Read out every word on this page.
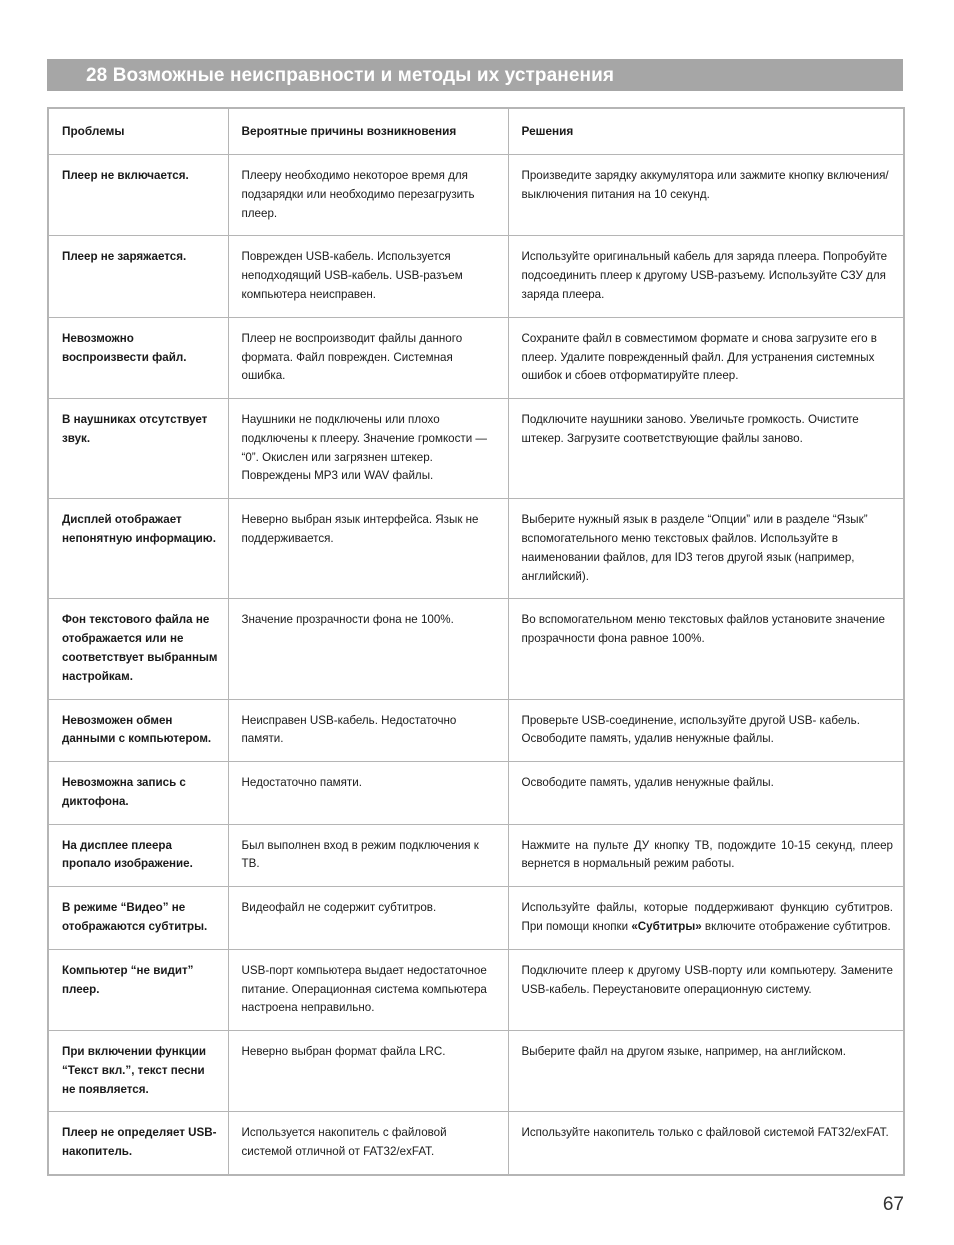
28 Возможные неисправности и методы их устранения
Проблемы	Вероятные причины возникновения	Решения
Плеер не включается.	Плееру необходимо некоторое время для подзарядки или необходимо перезагрузить плеер.	Произведите зарядку аккумулятора или зажмите кнопку включения/выключения питания на 10 секунд.
Плеер не заряжается.	Поврежден USB-кабель. Используется неподходящий USB-кабель. USB-разъем компьютера неисправен.	Используйте оригинальный кабель для заряда плеера. Попробуйте подсоединить плеер к другому USB-разъему. Используйте СЗУ для заряда плеера.
Невозможно воспроизвести файл.	Плеер не воспроизводит файлы данного формата. Файл поврежден. Системная ошибка.	Сохраните файл в совместимом формате и снова загрузите его в плеер. Удалите поврежденный файл. Для устранения системных ошибок и сбоев отформатируйте плеер.
В наушниках отсутствует звук.	Наушники не подключены или плохо подключены к плееру. Значение громкости — “0”. Окислен или загрязнен штекер. Повреждены MP3 или WAV файлы.	Подключите наушники заново. Увеличьте громкость. Очистите штекер. Загрузите соответствующие файлы заново.
Дисплей отображает непонятную информацию.	Неверно выбран язык интерфейса. Язык не поддерживается.	Выберите нужный язык в разделе “Опции” или в разделе “Язык” вспомогательного меню текстовых файлов. Используйте в наименовании файлов, для ID3 тегов другой язык (например, английский).
Фон текстового файла не отображается или не соответствует выбранным настройкам.	Значение прозрачности фона не 100%.	Во вспомогательном меню текстовых файлов установите значение прозрачности фона равное 100%.
Невозможен обмен данными с компьютером.	Неисправен USB-кабель. Недостаточно памяти.	Проверьте USB-соединение, используйте другой USB- кабель. Освободите память, удалив ненужные файлы.
Невозможна запись с диктофона.	Недостаточно памяти.	Освободите память, удалив ненужные файлы.
На дисплее плеера пропало изображение.	Был выполнен вход в режим подключения к ТВ.	Нажмите на пульте ДУ кнопку ТВ, подождите 10-15 секунд, плеер вернется в нормальный режим работы.
В режиме “Видео” не отображаются субтитры.	Видеофайл не содержит субтитров.	Используйте файлы, которые поддерживают функцию субтитров. При помощи кнопки «Субтитры» включите отображение субтитров.
Компьютер “не видит” плеер.	USB-порт компьютера выдает недостаточное питание. Операционная система компьютера настроена неправильно.	Подключите плеер к другому USB-порту или компьютеру. Замените USB-кабель. Переустановите операционную систему.
При включении функции “Текст вкл.”, текст песни не появляется.	Неверно выбран формат файла LRC.	Выберите файл на другом языке, например, на английском.
Плеер не определяет USB-накопитель.	Используется накопитель с файловой системой отличной от FAT32/exFAT.	Используйте накопитель только с файловой системой FAT32/exFAT.
67
